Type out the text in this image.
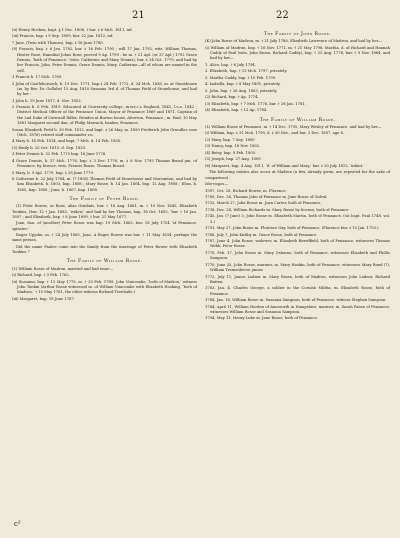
21	22

(ii) Henry Hocken, bapt. § 1 Dec. 1806, † bur. ‡ 6 Mch. 1811, inf.

(iii) Francis, bap. ‡ 9 Sep. 1809, bur. 22 Jan. 1812, inf.

7 Jane, (Twin with Thomas), bap. ‡ 16 June 1780.

(8) Francis, bap. ‡ 6 Jan. 1782, bur. ‡ 16 Feb. 1790 ; will 17 Jan. 1792, wits. William Thomas, Hester Rose, Hannibal Johns Rose, proved 9 Ap. 1799 : he m. † 21 Apl. (or 27 Apl.) 1792 Grace Dennis, ‘both of Penzance,’ (wits. Catherine and Mary Dennis), bur. ‡ 24 Oct. 1779, and had by her Francis, John, Peter Dennis, Grace Dennis, Mary, Catherine—all of whom are named in the will.

1 Francis b. 17 Mch. 1769.

2 John of Castlehornock, b. 19 Dec. 1771, bap.‡ 24 Feb. 1772, d. 24 Mch. 1836, m. at Stonehouse (m. by Rev. Dr. Gullabe) 15 Aug. 1810 Susanna 3rd d. of Thomas Field of Stonehouse, and had by her :

1 John b. 19 June 1817, d. Nov. 1852.

2 Francis b. 8 Feb. 1819. Educated at University college, m.w.r.c.s England, 1841, l.s.a. 1842 ; District Medical Officer of the Penzance Union, Mayor of Penzance 1869 and 1871, Captain of the 2nd Duke of Cornwall Rifles. Resides at Burton house, Alverton, Penzance ; m. Paul, 10 May 1861 Margaret second dau. of Philip Marrack, banker, Penzance.

Susan Elizabeth Field b. 20 Feb. 1812, and bapt. ‡ 26 May, m. 1850 Frederick John Grundler, now (Mch. 1876) retired staff commander r.n.

4 Mary b. 14 Feb. 1814, and bapt. 7 Mch. d. 14 Feb. 1850.

(5) Emily b. 25 Oct. 1815, d. Sep. 1833.

3 Peter Dennis b. 22 Feb. 1775 bap. 16 June 1776.

4 Grace Dennis, b. 27 Mch. 1776, bap. ‡ 3 Dec. 1776, m. ‡ 6 Nov. 1793 Thomas Broad jun. of Penzance, by licence, wits. Francis Rosse, Thomas Broad.

5 Mary, b. 9 Apl. 1779, bap. ‡ 28 June 1779.

6 Catherine b. 22 July 1784, m. (? 1805) Thomas Field of Stonehouse and Morvanton, and had by him Elizabeth, b. 1803, bap. 1808 ; Mary Bosse, b. 14 Jan. 1804, bap. 12 Aug. 1808 ; Eliza, b. 1805, bap. 1808 ; June, b. 1807, bap. 1808.

The Family of Peter Rosse.

(1) Peter Rowse, or Rose, alias Grmbals, bur. † 16 Aug. 1661, m. † 10 Nov. 1645, Elizabeth Tonkins, (bur. 12 † Jan. 1682, ‘widow,’ and had by her Thomas, bap. 18 Oct. 1692, ‘bur. † 16 Jan. 1697 ; and Elizabeth, bap. † 8 June 1699, † bur. 21 May 1677.

Joan, dau. of (another) Peter Rosse was bap. 19 Mch. 1662, bur. 18 July 1754 ‘of Penzance, spinster.’

Roger Upjohn, m. † 24 July 1663, Joan. A Roger Rowse was bur. † 11 May 1634, perhaps the same person.

Did the name Paulee come into the family from the marriage of Peter Rowse with Elizabeth Tonkins ?

The Family of William Rosse.

(1) William Rosse of Madron, married and had issue—

(i) Richard, bap. † 3 Feb. 1762.

(ii) Susanna, bap. † 13 May 1775, m. † 20 Feb. 1789, John Vinicombe, ‘both of Madron,’ witness John Tonkin (Arthur Rosse witnessed m. of William Vinicombe with Elizabeth Hosking, ‘both of Madron,’ † 10 May 1761, the other witness Richard Trenhaile.)

(iii) Margaret, bap. 18 June 1767.

The Family of John Rosse.

(K) John Rosse of Madron, m. † 21 July 1788, Elizabeth Lawrence of Madron, and had by her—

(i) William of Madron, bap. † 16 Nov. 1771, m. † 21 May 1796, Martha, d. of Richard and Hannah Caddy of Paul (wits. John Rosse, Richard Caddy), bap. † 23 Aug. 1776, bur. † 9 Nov. 1864, and had by her—

1. Alice, bap. † 6 July 1794.

2. Elizabeth, bap. † 13 Mch. 1797, privately.

3. Martha Caddy, bap. † 10 Feb. 1799.

4. Isabella, bap. † 8 May 1801, privately.

5. John, bap. † 26 Aug. 1803, privately.

(2) Richard, bap. † Ap. 1774.

(3) Elizabeth, bap. † 7 Mch. 1776, bur. † 28 Jan. 1781.

(4) Elizabeth, bap. † 12 Ap. 1784.

The Family of William Rosse.

(L) William Rosse of Penzance, m. † 14 Dec. 1795, Mary Wesley of Penzance, and had by her—

(i) William, bap. ‡ 31 Mch. 1799, d. ‡ 30 Nov., and bur. 3 Dec. 1807, age 8.

(2) Mary, bap. 7 Sep. 1800

(3) Nancy, bap. 18 Nov. 1802.

(4) Betsy, bap. 9 Feb. 1805.

(5) Joseph, bap. 27 Aug. 1809.

(6) Margaret, bap. 4 Aug. 1811, ‘d. of William and Mary,’ bur. ‡ 20 July 1812, ‘infant.’

The following entries also occur at Madron (a few, already given, are repeated for the sake of comparison) :

Marriages—

1597, Oct. 28, Richard Rowse, m. Florence.

1700, Dec. 26, Thomas John of Penzance m. Jane Rosse of Gulval.

1732, March 27, John Rosse m. Joan Carter, both of Penzance.

1738, Dec. 24, William Richards m. Mary Rosse by license, both of Penzance.

1745, Jan. (? June) 3, John Rosse m. Elizabeth Martin, both of Penzance, (sic bapt. Paul 1748, vol. 3.)

1751, May 27, John Rosse m. Florence Gay, both of Penzance, (Florence bur. ‡ 15 Jan. 1793.)

1768, July 7, John Kirkby m. Grace Rosse, both of Penzance.

1787, June 4, John Rosse, widower, m. Elizabeth Berriffield, both of Penzance, witnesses Thomas Webb, Peter Rosse.

1770, Feb. 17, John Rosse m. Mary Osborne, both of Penzance, witnesses Elizabeth and Phillis Sampson.

1770, June 25, John Rosse, mariner, m. Mary Hoskin, both of Penzance, witnesses Mary Bond (?), William Tremenheere junior.

1772, July 11, James Ladner m. Mary Rosse, both of Madron, witnesses John Ladner, Richard Batten.

1783, Jan. 4, Charles George, a soldier in the Cornish Militia, m. Elizabeth Rosse, both of Penzance.

1784, Jan. 16, William Rosse m. Susanna Sampson, both of Penzance, witness Stephen Sampson.

1784, April 11, William Horden of Ainsworth in Hampshire, mariner, m. Sarah Rosse of Penzance, witnesses William Rosse and Susanna Sampson.

1794, May 11, Henry Luke m. Jane Rosse, both of Penzance.

c²
